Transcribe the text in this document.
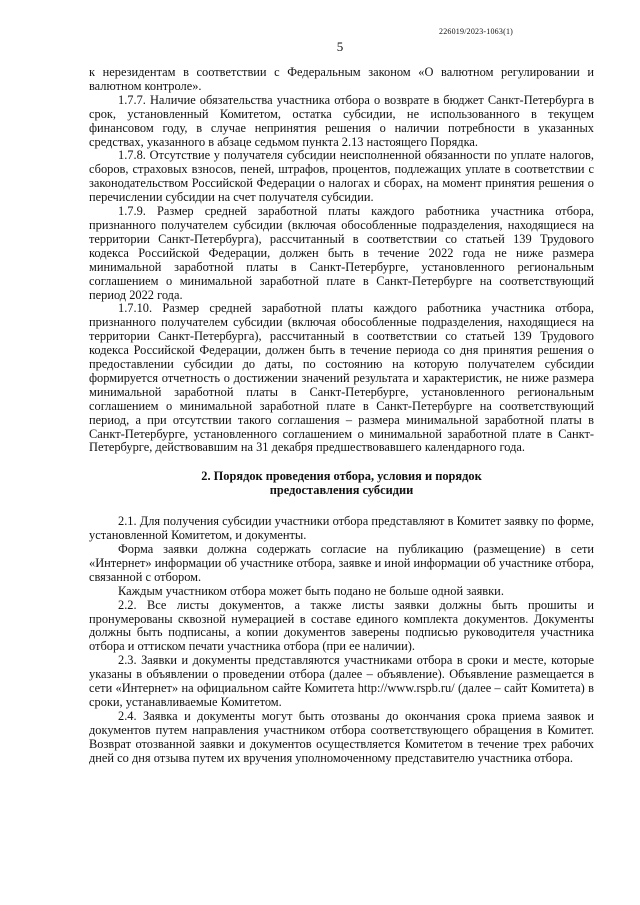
226019/2023-1063(1)
5

к нерезидентам в соответствии с Федеральным законом «О валютном регулировании и валютном контроле».

1.7.7. Наличие обязательства участника отбора о возврате в бюджет Санкт-Петербурга в срок, установленный Комитетом, остатка субсидии, не использованного в текущем финансовом году, в случае непринятия решения о наличии потребности в указанных средствах, указанного в абзаце седьмом пункта 2.13 настоящего Порядка.

1.7.8. Отсутствие у получателя субсидии неисполненной обязанности по уплате налогов, сборов, страховых взносов, пеней, штрафов, процентов, подлежащих уплате в соответствии с законодательством Российской Федерации о налогах и сборах, на момент принятия решения о перечислении субсидии на счет получателя субсидии.

1.7.9. Размер средней заработной платы каждого работника участника отбора, признанного получателем субсидии (включая обособленные подразделения, находящиеся на территории Санкт-Петербурга), рассчитанный в соответствии со статьей 139 Трудового кодекса Российской Федерации, должен быть в течение 2022 года не ниже размера минимальной заработной платы в Санкт-Петербурге, установленного региональным соглашением о минимальной заработной плате в Санкт-Петербурге на соответствующий период 2022 года.

1.7.10. Размер средней заработной платы каждого работника участника отбора, признанного получателем субсидии (включая обособленные подразделения, находящиеся на территории Санкт-Петербурга), рассчитанный в соответствии со статьей 139 Трудового кодекса Российской Федерации, должен быть в течение периода со дня принятия решения о предоставлении субсидии до даты, по состоянию на которую получателем субсидии формируется отчетность о достижении значений результата и характеристик, не ниже размера минимальной заработной платы в Санкт-Петербурге, установленного региональным соглашением о минимальной заработной плате в Санкт-Петербурге на соответствующий период, а при отсутствии такого соглашения – размера минимальной заработной платы в Санкт-Петербурге, установленного соглашением о минимальной заработной плате в Санкт-Петербурге, действовавшим на 31 декабря предшествовавшего календарного года.

2. Порядок проведения отбора, условия и порядок
предоставления субсидии

2.1. Для получения субсидии участники отбора представляют в Комитет заявку по форме, установленной Комитетом, и документы.

Форма заявки должна содержать согласие на публикацию (размещение) в сети «Интернет» информации об участнике отбора, заявке и иной информации об участнике отбора, связанной с отбором.

Каждым участником отбора может быть подано не больше одной заявки.

2.2. Все листы документов, а также листы заявки должны быть прошиты и пронумерованы сквозной нумерацией в составе единого комплекта документов. Документы должны быть подписаны, а копии документов заверены подписью руководителя участника отбора и оттиском печати участника отбора (при ее наличии).

2.3. Заявки и документы представляются участниками отбора в сроки и месте, которые указаны в объявлении о проведении отбора (далее – объявление). Объявление размещается в сети «Интернет» на официальном сайте Комитета http://www.rspb.ru/ (далее – сайт Комитета) в сроки, устанавливаемые Комитетом.

2.4. Заявка и документы могут быть отозваны до окончания срока приема заявок и документов путем направления участником отбора соответствующего обращения в Комитет. Возврат отозванной заявки и документов осуществляется Комитетом в течение трех рабочих дней со дня отзыва путем их вручения уполномоченному представителю участника отбора.
